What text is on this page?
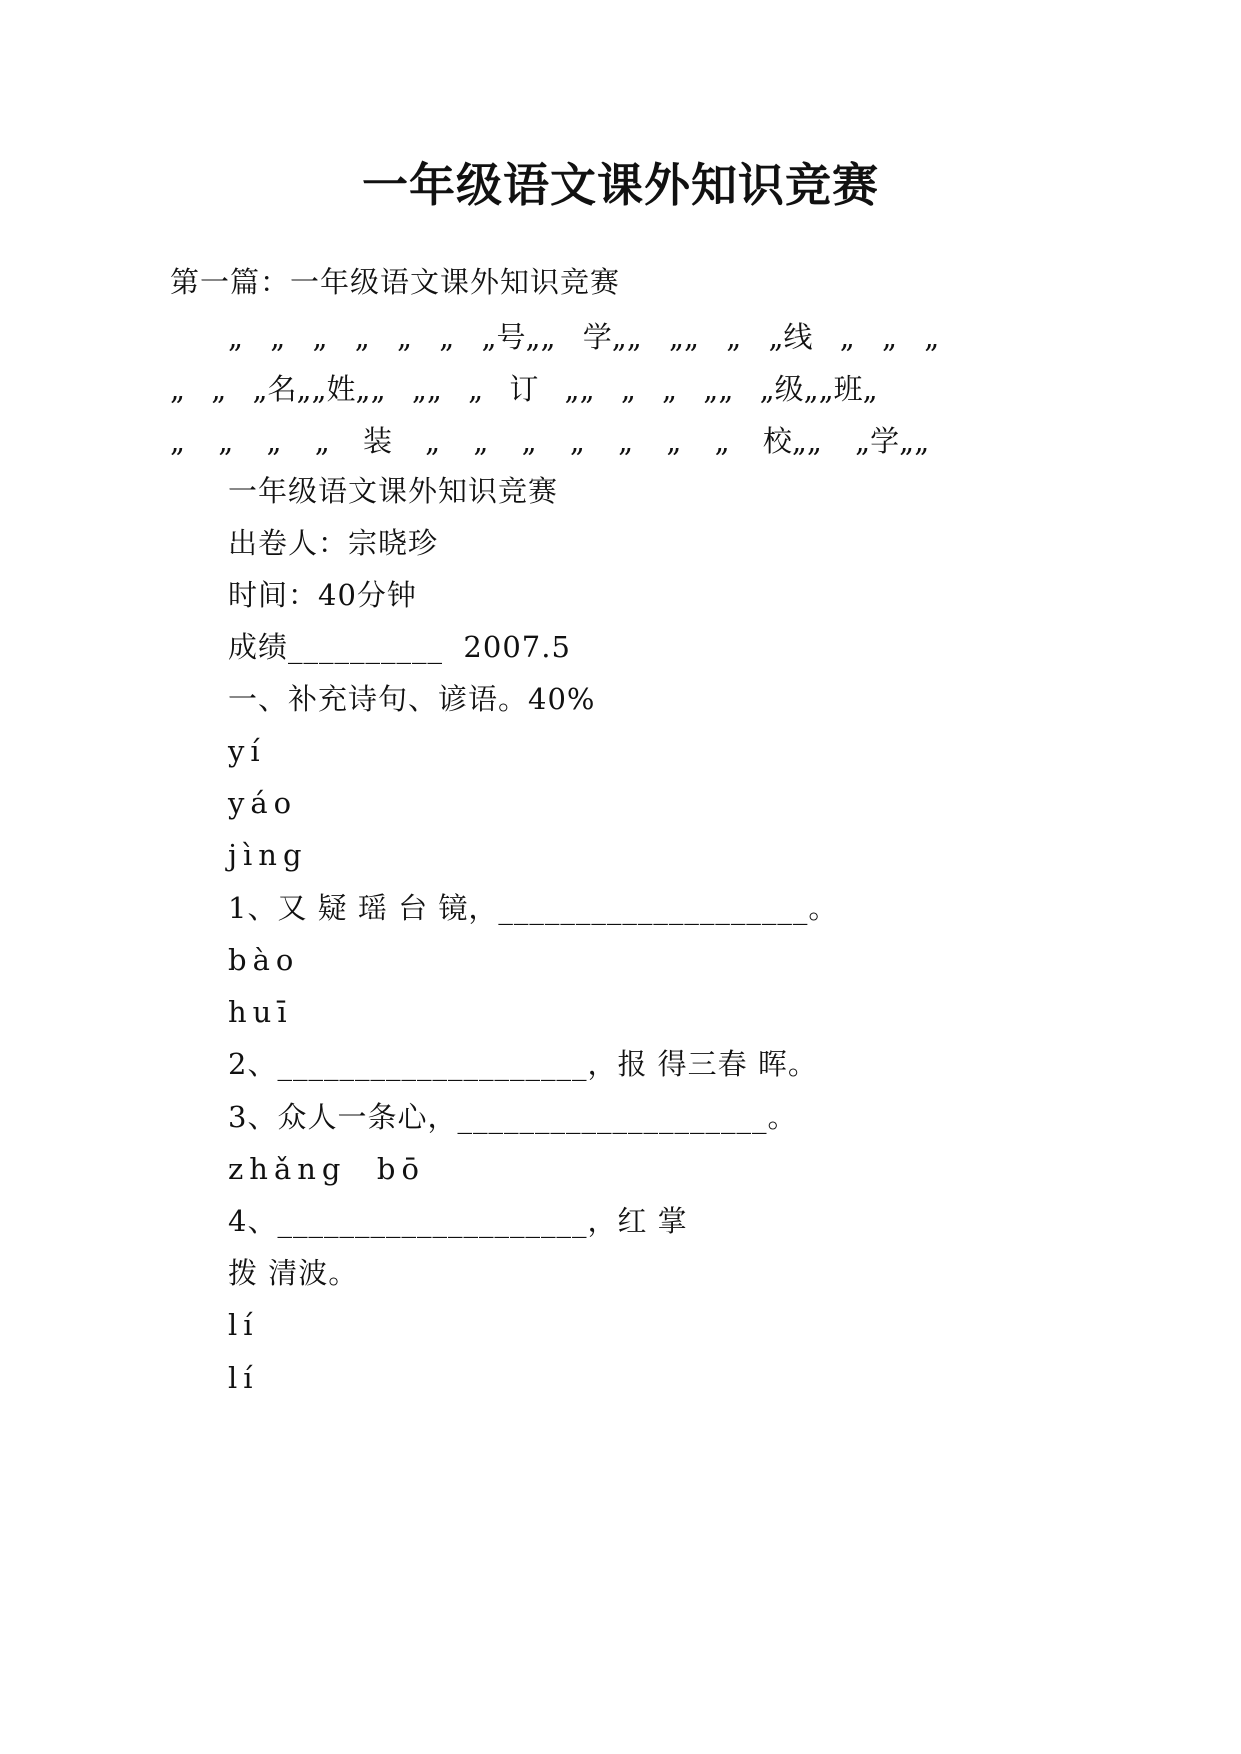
一年级语文课外知识竞赛
第一篇：一年级语文课外知识竞赛
„ „ „ „ „ „ „号„„ 学„„ „„ „ „线 „ „ „
„ „ „名„„姓„„ „„ „ 订 „„ „ „ „„ „级„„班„
„ „ „ „ 装 „ „ „ „ „ „ „ 校„„ „学„„
一年级语文课外知识竞赛
出卷人：宗晓珍
时间：40分钟
成绩__________  2007.5
一、补充诗句、谚语。40%
yí
yáo
jìng
1、又 疑 瑶 台 镜，____________________。
bào
huī
2、____________________，报 得三春 晖。
3、众人一条心，____________________。
zhǎng  bō
4、____________________，红 掌
拨 清波。
lí
lí
